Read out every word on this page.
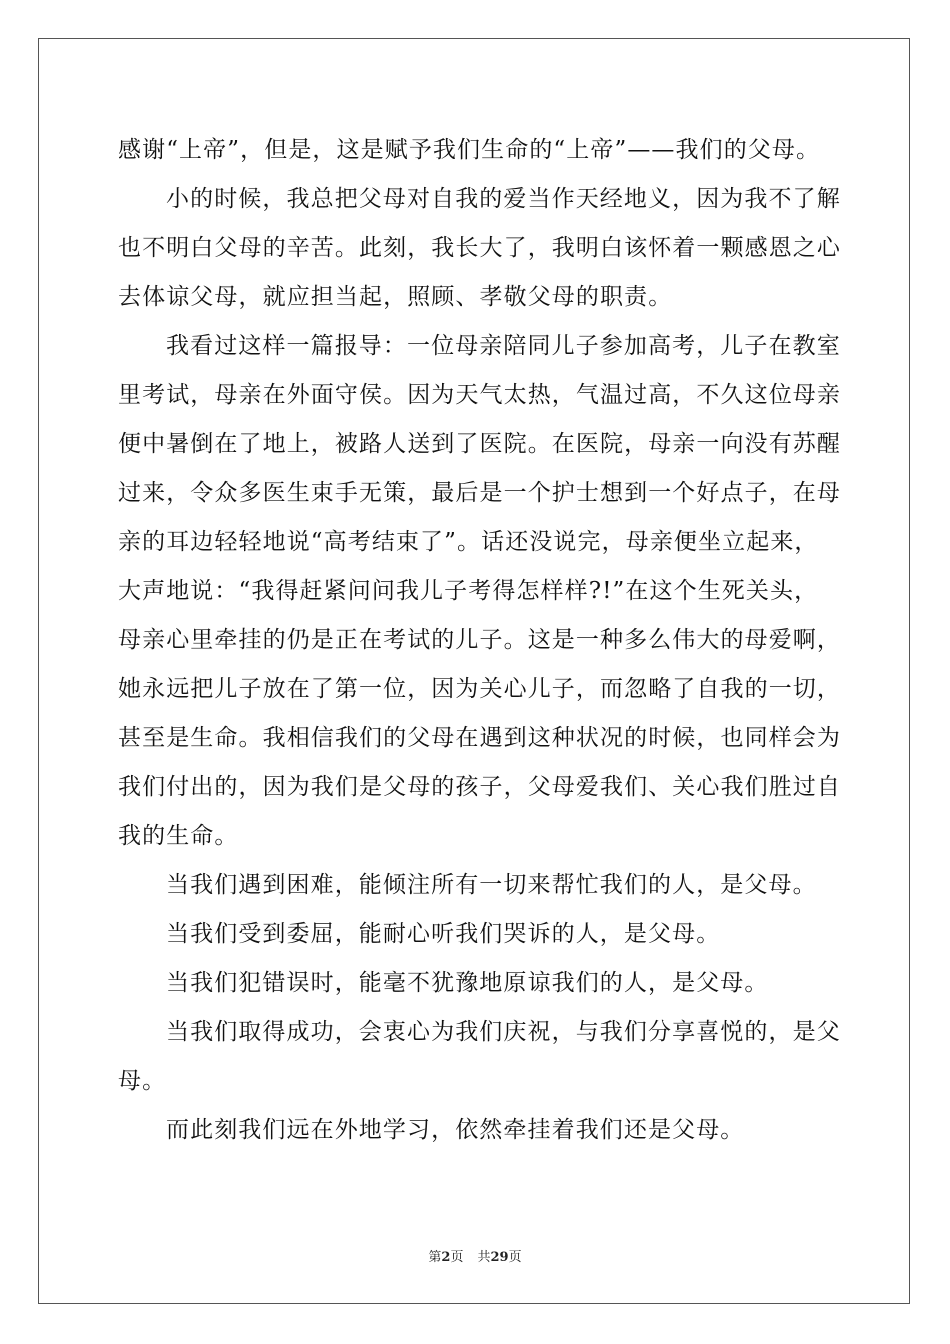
感谢“上帝”，但是，这是赋予我们生命的“上帝”——我们的父母。
小的时候，我总把父母对自我的爱当作天经地义，因为我不了解
也不明白父母的辛苦。此刻，我长大了，我明白该怀着一颗感恩之心
去体谅父母，就应担当起，照顾、孝敬父母的职责。
我看过这样一篇报导：一位母亲陪同儿子参加高考，儿子在教室
里考试，母亲在外面守侯。因为天气太热，气温过高，不久这位母亲
便中暑倒在了地上，被路人送到了医院。在医院，母亲一向没有苏醒
过来，令众多医生束手无策，最后是一个护士想到一个好点子，在母
亲的耳边轻轻地说“高考结束了”。话还没说完，母亲便坐立起来，
大声地说：“我得赶紧问问我儿子考得怎样样?!”在这个生死关头，
母亲心里牵挂的仍是正在考试的儿子。这是一种多么伟大的母爱啊，
她永远把儿子放在了第一位，因为关心儿子，而忽略了自我的一切，
甚至是生命。我相信我们的父母在遇到这种状况的时候，也同样会为
我们付出的，因为我们是父母的孩子，父母爱我们、关心我们胜过自
我的生命。
当我们遇到困难，能倾注所有一切来帮忙我们的人，是父母。
当我们受到委屈，能耐心听我们哭诉的人，是父母。
当我们犯错误时，能毫不犹豫地原谅我们的人，是父母。
当我们取得成功，会衷心为我们庆祝，与我们分享喜悦的，是父
母。
而此刻我们远在外地学习，依然牵挂着我们还是父母。
第2页 共29页
